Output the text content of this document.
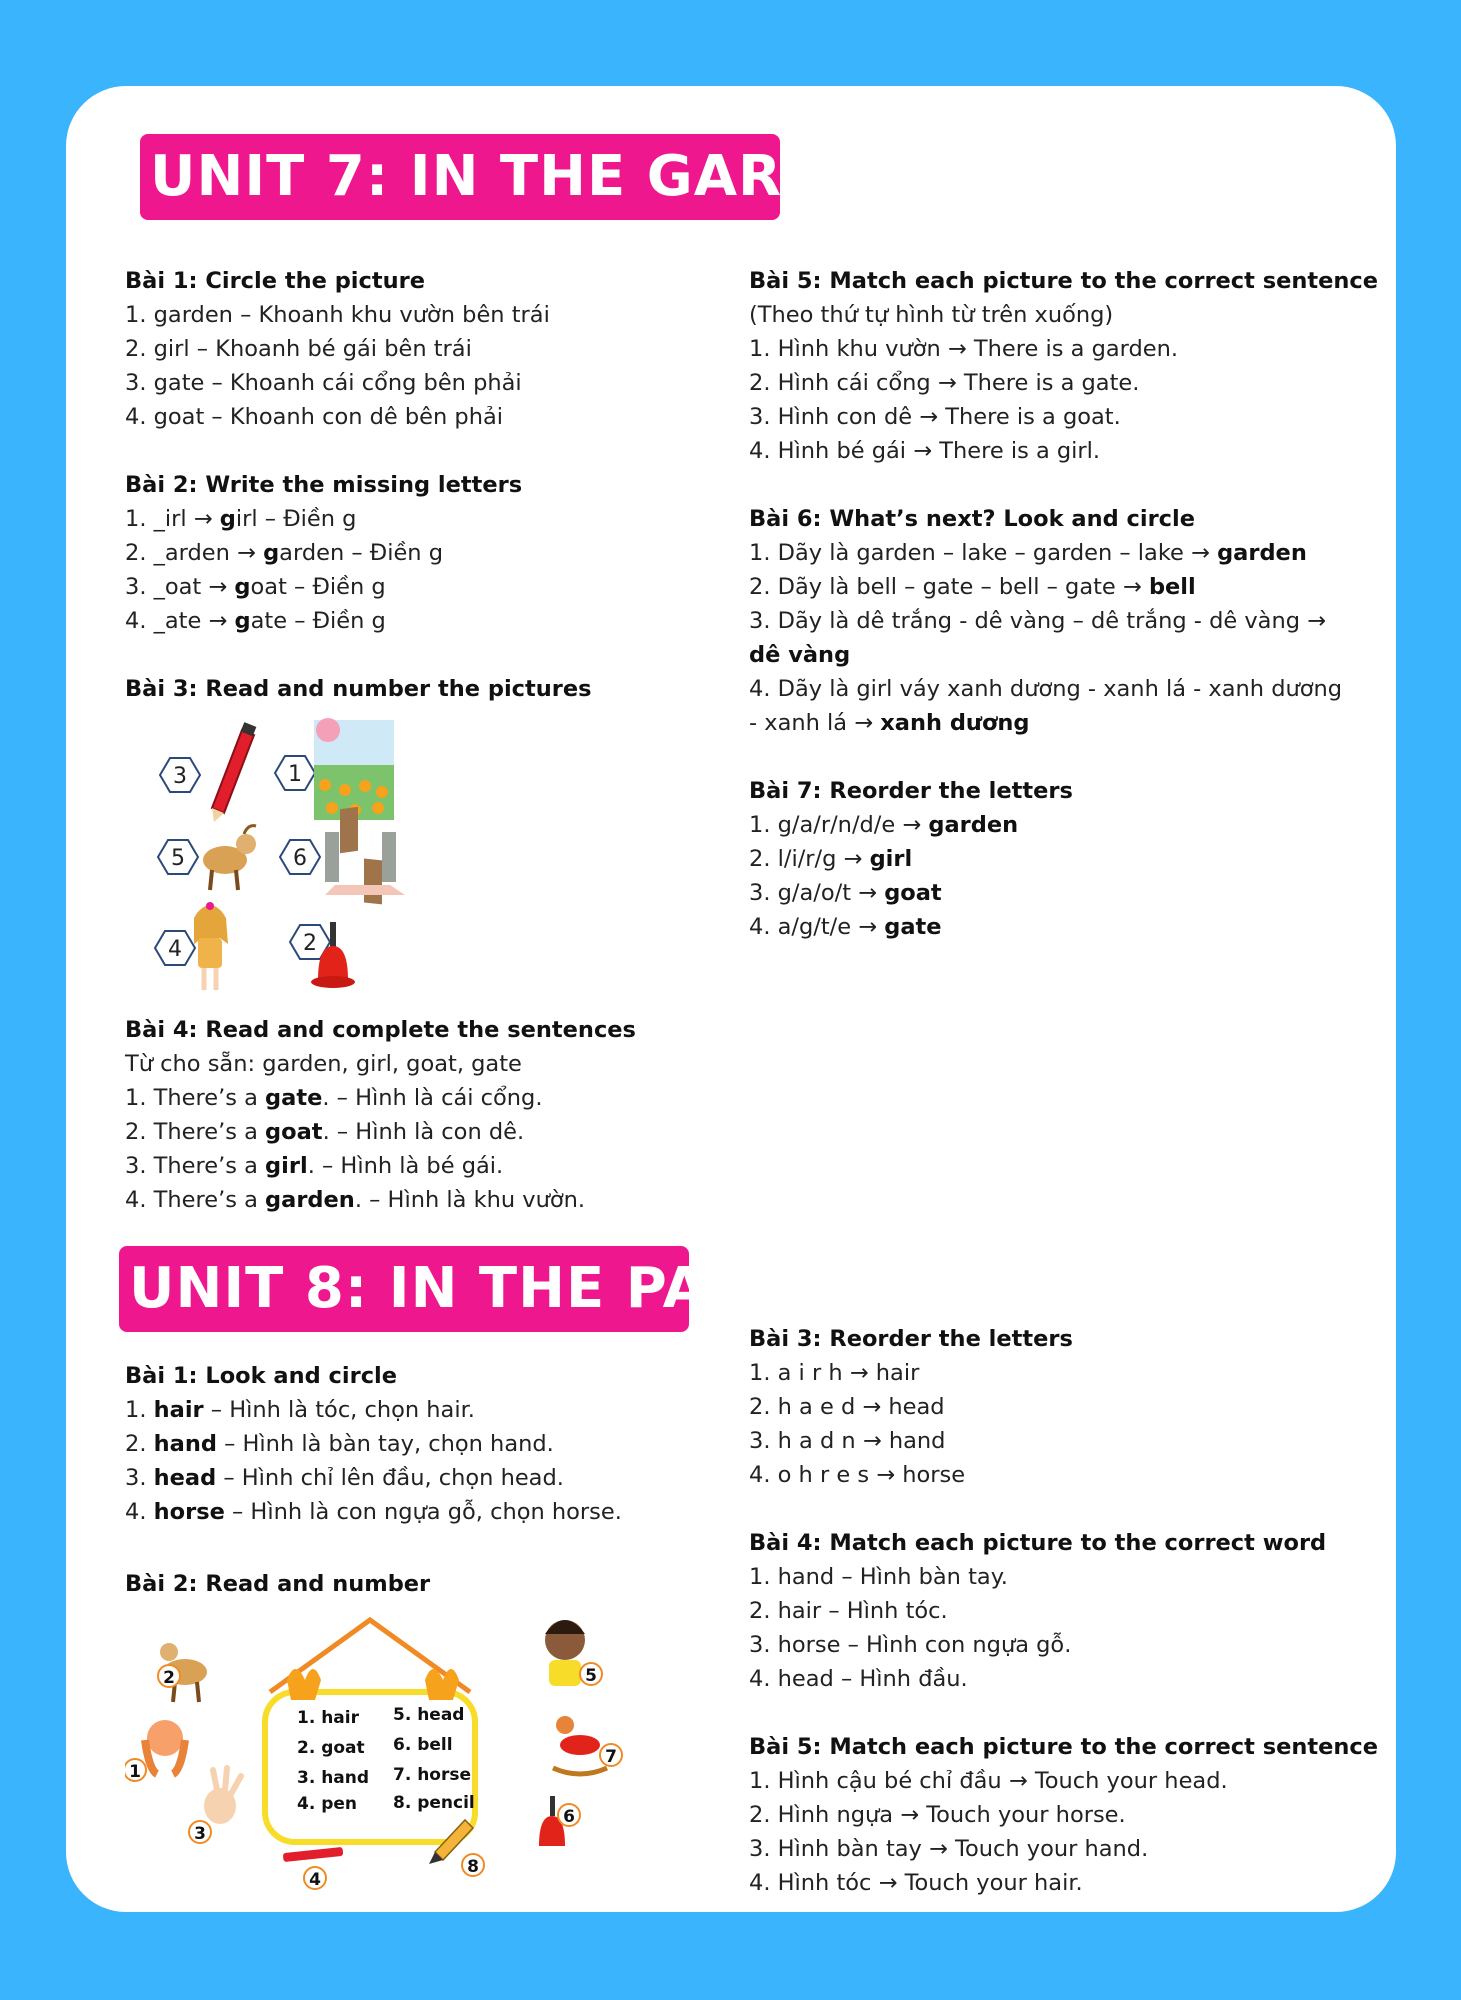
UNIT 7: IN THE GARDEN
Bài 1: Circle the picture
1. garden – Khoanh khu vườn bên trái
2. girl – Khoanh bé gái bên trái
3. gate – Khoanh cái cổng bên phải
4. goat – Khoanh con dê bên phải
Bài 2: Write the missing letters
1. _irl → girl – Điền g
2. _arden → garden – Điền g
3. _oat → goat – Điền g
4. _ate → gate – Điền g
Bài 3: Read and number the pictures
3	1
5	6
4	2
Bài 4: Read and complete the sentences
Từ cho sẵn: garden, girl, goat, gate
1. There’s a gate. – Hình là cái cổng.
2. There’s a goat. – Hình là con dê.
3. There’s a girl. – Hình là bé gái.
4. There’s a garden. – Hình là khu vườn.
Bài 5: Match each picture to the correct sentence
(Theo thứ tự hình từ trên xuống)
1. Hình khu vườn → There is a garden.
2. Hình cái cổng → There is a gate.
3. Hình con dê → There is a goat.
4. Hình bé gái → There is a girl.
Bài 6: What’s next? Look and circle
1. Dãy là garden – lake – garden – lake → garden
2. Dãy là bell – gate – bell – gate → bell
3. Dãy là dê trắng - dê vàng – dê trắng - dê vàng → dê vàng
4. Dãy là girl váy xanh dương - xanh lá - xanh dương - xanh lá → xanh dương
Bài 7: Reorder the letters
1. g/a/r/n/d/e → garden
2. l/i/r/g → girl
3. g/a/o/t → goat
4. a/g/t/e → gate
UNIT 8: IN THE PARK
Bài 1: Look and circle
1. hair – Hình là tóc, chọn hair.
2. hand – Hình là bàn tay, chọn hand.
3. head – Hình chỉ lên đầu, chọn head.
4. horse – Hình là con ngựa gỗ, chọn horse.
Bài 2: Read and number
1. hair
2. goat
3. hand
4. pen
5. head
6. bell
7. horse
8. pencil
2
1
3
4
8
5
7
6
Bài 3: Reorder the letters
1. a i r h → hair
2. h a e d → head
3. h a d n → hand
4. o h r e s → horse
Bài 4: Match each picture to the correct word
1. hand – Hình bàn tay.
2. hair – Hình tóc.
3. horse – Hình con ngựa gỗ.
4. head – Hình đầu.
Bài 5: Match each picture to the correct sentence
1. Hình cậu bé chỉ đầu → Touch your head.
2. Hình ngựa → Touch your horse.
3. Hình bàn tay → Touch your hand.
4. Hình tóc → Touch your hair.
